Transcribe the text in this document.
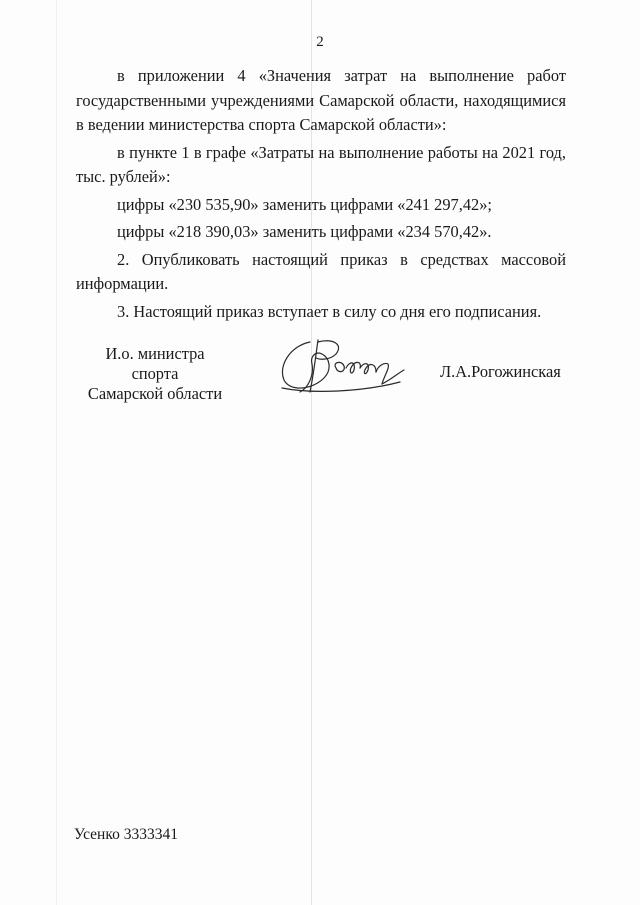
2

в приложении 4 «Значения затрат на выполнение работ государственными учреждениями Самарской области, находящимися в ведении министерства спорта Самарской области»:

в пункте 1 в графе «Затраты на выполнение работы на 2021 год, тыс. рублей»:

цифры «230 535,90» заменить цифрами «241 297,42»;

цифры «218 390,03» заменить цифрами «234 570,42».

2. Опубликовать настоящий приказ в средствах массовой информации.

3. Настоящий приказ вступает в силу со дня его подписания.

И.о. министра спорта
Самарской области
Л.А.Рогожинская
Усенко 3333341
